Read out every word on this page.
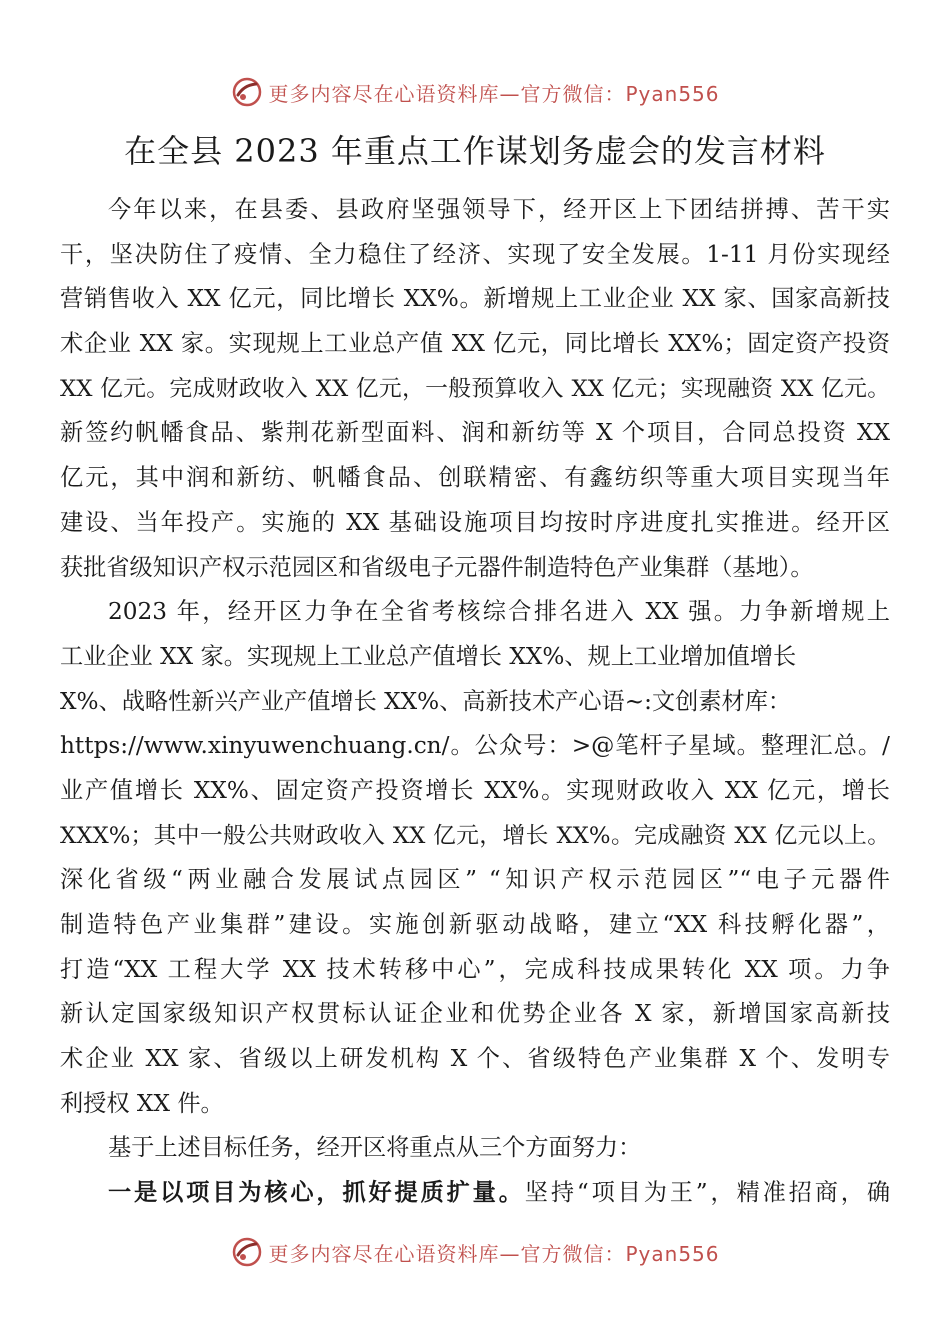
更多内容尽在心语资料库—官方微信：Pyan556
在全县 2023 年重点工作谋划务虚会的发言材料
今年以来，在县委、县政府坚强领导下，经开区上下团结拼搏、苦干实
干，坚决防住了疫情、全力稳住了经济、实现了安全发展。1-11 月份实现经
营销售收入 XX 亿元，同比增长 XX%。新增规上工业企业 XX 家、国家高新技
术企业 XX 家。实现规上工业总产值 XX 亿元，同比增长 XX%；固定资产投资
XX 亿元。完成财政收入 XX 亿元，一般预算收入 XX 亿元；实现融资 XX 亿元。
新签约帆幡食品、紫荆花新型面料、润和新纺等 X 个项目，合同总投资 XX
亿元，其中润和新纺、帆幡食品、创联精密、有鑫纺织等重大项目实现当年
建设、当年投产。实施的 XX 基础设施项目均按时序进度扎实推进。经开区
获批省级知识产权示范园区和省级电子元器件制造特色产业集群（基地）。
2023 年，经开区力争在全省考核综合排名进入 XX 强。力争新增规上
工业企业 XX 家。实现规上工业总产值增长 XX%、规上工业增加值增长
X%、战略性新兴产业产值增长 XX%、高新技术产心语~:文创素材库：
https://www.xinyuwenchuang.cn/。公众号：>@笔杆子星域。整理汇总。/
业产值增长 XX%、固定资产投资增长 XX%。实现财政收入 XX 亿元，增长
XXX%；其中一般公共财政收入 XX 亿元，增长 XX%。完成融资 XX 亿元以上。
深化省级“两业融合发展试点园区” “知识产权示范园区”“电子元器件
制造特色产业集群”建设。实施创新驱动战略，建立“XX 科技孵化器”，
打造“XX 工程大学 XX 技术转移中心”，完成科技成果转化 XX 项。力争
新认定国家级知识产权贯标认证企业和优势企业各 X 家，新增国家高新技
术企业 XX 家、省级以上研发机构 X 个、省级特色产业集群 X 个、发明专
利授权 XX 件。
基于上述目标任务，经开区将重点从三个方面努力：
一是以项目为核心，抓好提质扩量。坚持“项目为王”，精准招商，确
更多内容尽在心语资料库—官方微信：Pyan556
